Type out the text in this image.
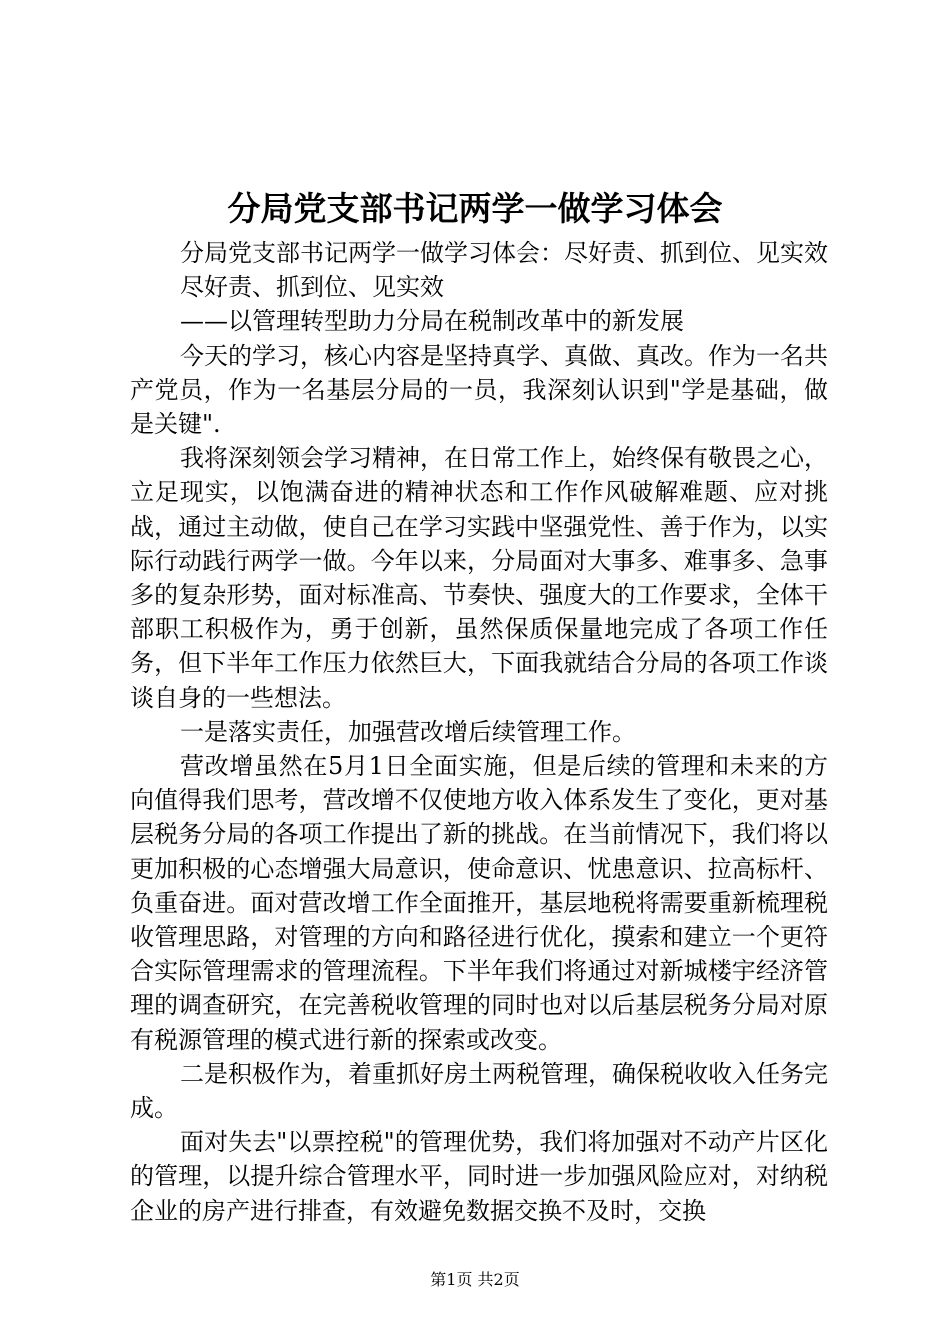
分局党支部书记两学一做学习体会

分局党支部书记两学一做学习体会：尽好责、抓到位、见实效

尽好责、抓到位、见实效

——以管理转型助力分局在税制改革中的新发展

今天的学习，核心内容是坚持真学、真做、真改。作为一名共产党员，作为一名基层分局的一员，我深刻认识到"学是基础，做是关键".

我将深刻领会学习精神，在日常工作上，始终保有敬畏之心，立足现实，以饱满奋进的精神状态和工作作风破解难题、应对挑战，通过主动做，使自己在学习实践中坚强党性、善于作为，以实际行动践行两学一做。今年以来，分局面对大事多、难事多、急事多的复杂形势，面对标准高、节奏快、强度大的工作要求，全体干部职工积极作为，勇于创新，虽然保质保量地完成了各项工作任务，但下半年工作压力依然巨大，下面我就结合分局的各项工作谈谈自身的一些想法。

一是落实责任，加强营改增后续管理工作。

营改增虽然在5月1日全面实施，但是后续的管理和未来的方向值得我们思考，营改增不仅使地方收入体系发生了变化，更对基层税务分局的各项工作提出了新的挑战。在当前情况下，我们将以更加积极的心态增强大局意识，使命意识、忧患意识、拉高标杆、负重奋进。面对营改增工作全面推开，基层地税将需要重新梳理税收管理思路，对管理的方向和路径进行优化，摸索和建立一个更符合实际管理需求的管理流程。下半年我们将通过对新城楼宇经济管理的调查研究，在完善税收管理的同时也对以后基层税务分局对原有税源管理的模式进行新的探索或改变。

二是积极作为，着重抓好房土两税管理，确保税收收入任务完成。

面对失去"以票控税"的管理优势，我们将加强对不动产片区化的管理，以提升综合管理水平，同时进一步加强风险应对，对纳税企业的房产进行排查，有效避免数据交换不及时，交换

第1页 共2页
